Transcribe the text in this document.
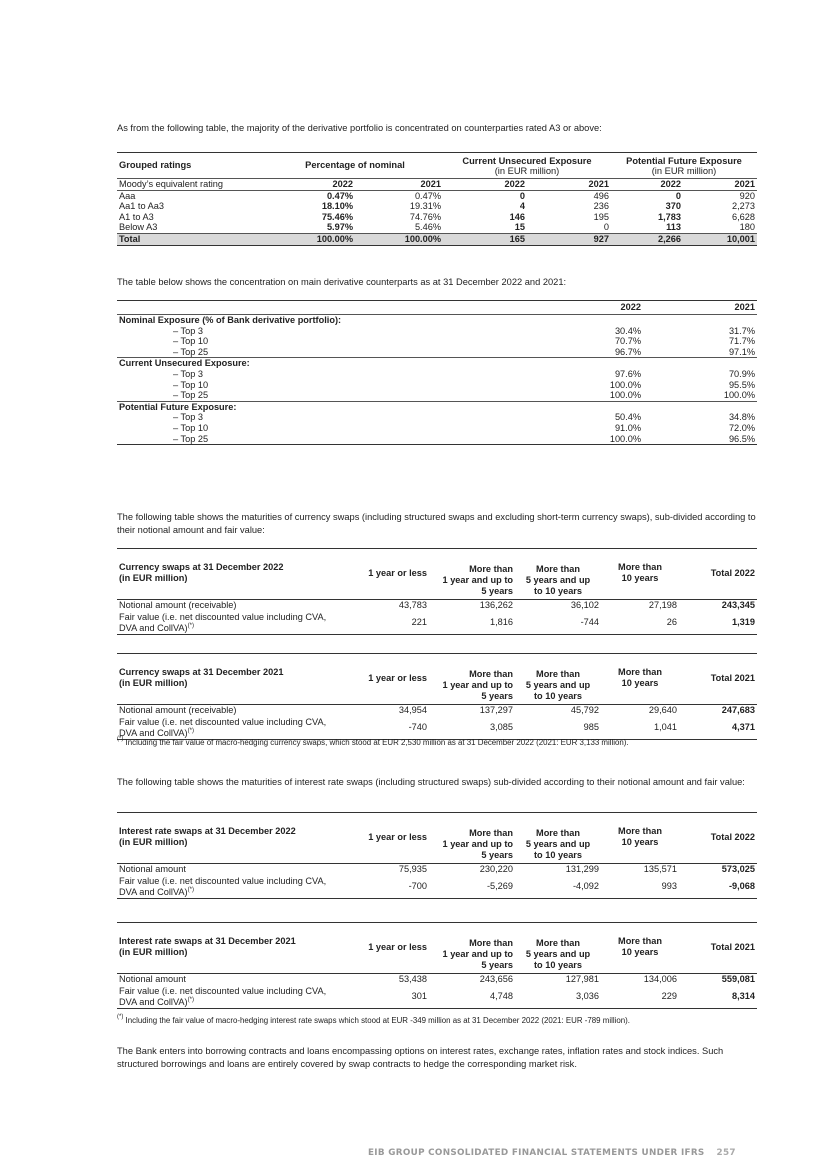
As from the following table, the majority of the derivative portfolio is concentrated on counterparties rated A3 or above:
Grouped ratings	Percentage of nominal		Current Unsecured Exposure
(in EUR million)		Potential Future Exposure
(in EUR million)	

Moody’s equivalent rating	2022	2021	2022	2021	2022	2021
Aaa	0.47%	0.47%	0	496	0	920
Aa1 to Aa3	18.10%	19.31%	4	236	370	2,273
A1 to A3	75.46%	74.76%	146	195	1,783	6,628
Below A3	5.97%	5.46%	15	0	113	180
Total	100.00%	100.00%	165	927	2,266	10,001
The table below shows the concentration on main derivative counterparts as at 31 December 2022 and 2021:
	2022	2021
Nominal Exposure (% of Bank derivative portfolio):		
– Top 3	30.4%	31.7%
– Top 10	70.7%	71.7%
– Top 25	96.7%	97.1%
Current Unsecured Exposure:		
– Top 3	97.6%	70.9%
– Top 10	100.0%	95.5%
– Top 25	100.0%	100.0%
Potential Future Exposure:		
– Top 3	50.4%	34.8%
– Top 10	91.0%	72.0%
– Top 25	100.0%	96.5%
The following table shows the maturities of currency swaps (including structured swaps and excluding short-term currency swaps), sub-divided according to their notional amount and fair value:
Currency swaps at 31 December 2022
(in EUR million)	1 year or less	More than
1 year and up to
5 years	More than
5 years and up
to 10 years	More than
10 years	Total 2022
Notional amount (receivable)	43,783	136,262	36,102	27,198	243,345
Fair value (i.e. net discounted value including CVA,
DVA and CollVA)(*)	221	1,816	-744	26	1,319
Currency swaps at 31 December 2021
(in EUR million)	1 year or less	More than
1 year and up to
5 years	More than
5 years and up
to 10 years	More than
10 years	Total 2021
Notional amount (receivable)	34,954	137,297	45,792	29,640	247,683
Fair value (i.e. net discounted value including CVA,
DVA and CollVA)(*)	-740	3,085	985	1,041	4,371
(*) Including the fair value of macro-hedging currency swaps, which stood at EUR 2,530 million as at 31 December 2022 (2021: EUR 3,133 million).
The following table shows the maturities of interest rate swaps (including structured swaps) sub-divided according to their notional amount and fair value:
Interest rate swaps at 31 December 2022
(in EUR million)	1 year or less	More than
1 year and up to
5 years	More than
5 years and up
to 10 years	More than
10 years	Total 2022
Notional amount	75,935	230,220	131,299	135,571	573,025
Fair value (i.e. net discounted value including CVA,
DVA and CollVA)(*)	-700	-5,269	-4,092	993	-9,068
Interest rate swaps at 31 December 2021
(in EUR million)	1 year or less	More than
1 year and up to
5 years	More than
5 years and up
to 10 years	More than
10 years	Total 2021
Notional amount	53,438	243,656	127,981	134,006	559,081
Fair value (i.e. net discounted value including CVA,
DVA and CollVA)(*)	301	4,748	3,036	229	8,314
(*) Including the fair value of macro-hedging interest rate swaps which stood at EUR -349 million as at 31 December 2022 (2021: EUR -789 million).
The Bank enters into borrowing contracts and loans encompassing options on interest rates, exchange rates, inflation rates and stock indices. Such structured borrowings and loans are entirely covered by swap contracts to hedge the corresponding market risk.
EIB GROUP CONSOLIDATED FINANCIAL STATEMENTS UNDER IFRS 257
